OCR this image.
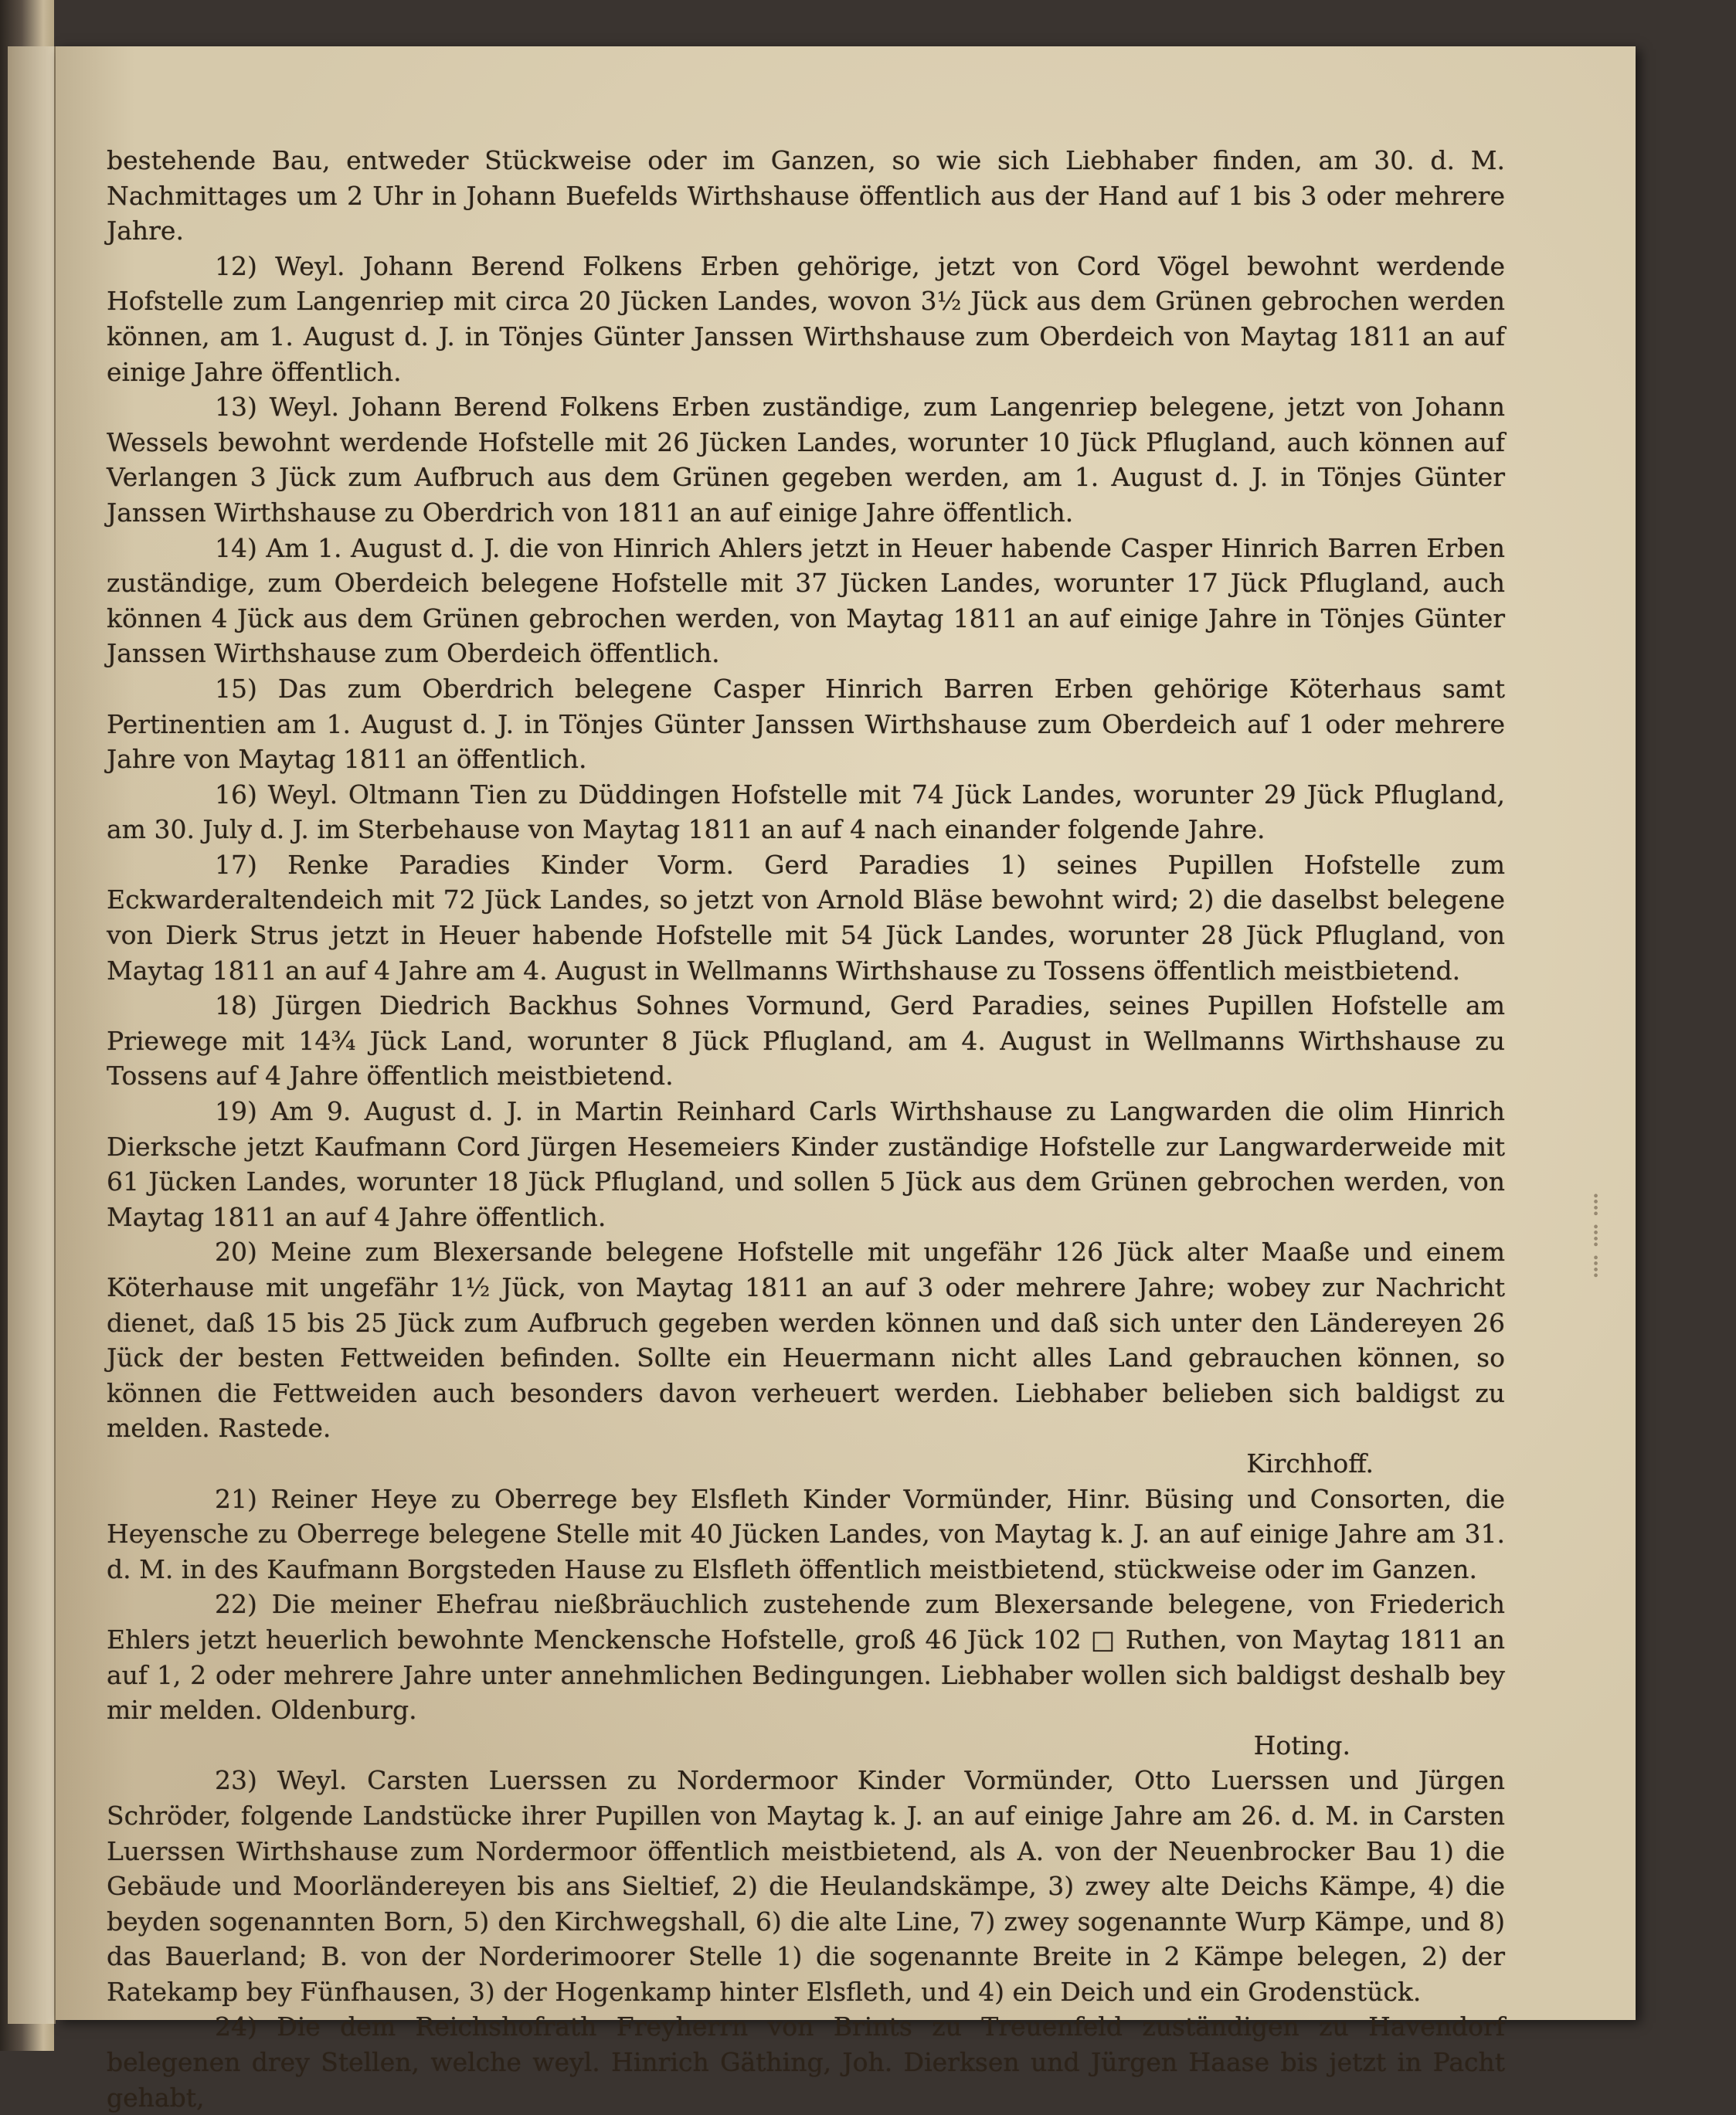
bestehende Bau, entweder Stückweise oder im Ganzen, so wie sich Liebhaber finden, am 30. d. M. Nachmittages um 2 Uhr in Johann Buefelds Wirthshause öffentlich aus der Hand auf 1 bis 3 oder mehrere Jahre.

12) Weyl. Johann Berend Folkens Erben gehörige, jetzt von Cord Vögel bewohnt werdende Hofstelle zum Langenriep mit circa 20 Jücken Landes, wovon 3½ Jück aus dem Grünen gebrochen werden können, am 1. August d. J. in Tönjes Günter Janssen Wirthshause zum Oberdeich von Maytag 1811 an auf einige Jahre öffentlich.

13) Weyl. Johann Berend Folkens Erben zuständige, zum Langenriep belegene, jetzt von Johann Wessels bewohnt werdende Hofstelle mit 26 Jücken Landes, worunter 10 Jück Pflugland, auch können auf Verlangen 3 Jück zum Aufbruch aus dem Grünen gegeben werden, am 1. August d. J. in Tönjes Günter Janssen Wirthshause zu Oberdrich von 1811 an auf einige Jahre öffentlich.

14) Am 1. August d. J. die von Hinrich Ahlers jetzt in Heuer habende Casper Hinrich Barren Erben zuständige, zum Oberdeich belegene Hofstelle mit 37 Jücken Landes, worunter 17 Jück Pflugland, auch können 4 Jück aus dem Grünen gebrochen werden, von Maytag 1811 an auf einige Jahre in Tönjes Günter Janssen Wirthshause zum Oberdeich öffentlich.

15) Das zum Oberdrich belegene Casper Hinrich Barren Erben gehörige Köterhaus samt Pertinentien am 1. August d. J. in Tönjes Günter Janssen Wirthshause zum Oberdeich auf 1 oder mehrere Jahre von Maytag 1811 an öffentlich.

16) Weyl. Oltmann Tien zu Düddingen Hofstelle mit 74 Jück Landes, worunter 29 Jück Pflugland, am 30. July d. J. im Sterbehause von Maytag 1811 an auf 4 nach einander folgende Jahre.

17) Renke Paradies Kinder Vorm. Gerd Paradies 1) seines Pupillen Hofstelle zum Eckwarderaltendeich mit 72 Jück Landes, so jetzt von Arnold Bläse bewohnt wird; 2) die daselbst belegene von Dierk Strus jetzt in Heuer habende Hofstelle mit 54 Jück Landes, worunter 28 Jück Pflugland, von Maytag 1811 an auf 4 Jahre am 4. August in Wellmanns Wirthshause zu Tossens öffentlich meistbietend.

18) Jürgen Diedrich Backhus Sohnes Vormund, Gerd Paradies, seines Pupillen Hofstelle am Priewege mit 14¾ Jück Land, worunter 8 Jück Pflugland, am 4. August in Wellmanns Wirthshause zu Tossens auf 4 Jahre öffentlich meistbietend.

19) Am 9. August d. J. in Martin Reinhard Carls Wirthshause zu Langwarden die olim Hinrich Dierksche jetzt Kaufmann Cord Jürgen Hesemeiers Kinder zuständige Hofstelle zur Langwarderweide mit 61 Jücken Landes, worunter 18 Jück Pflugland, und sollen 5 Jück aus dem Grünen gebrochen werden, von Maytag 1811 an auf 4 Jahre öffentlich.

20) Meine zum Blexersande belegene Hofstelle mit ungefähr 126 Jück alter Maaße und einem Köterhause mit ungefähr 1½ Jück, von Maytag 1811 an auf 3 oder mehrere Jahre; wobey zur Nachricht dienet, daß 15 bis 25 Jück zum Aufbruch gegeben werden können und daß sich unter den Ländereyen 26 Jück der besten Fettweiden befinden. Sollte ein Heuermann nicht alles Land gebrauchen können, so können die Fettweiden auch besonders davon verheuert werden. Liebhaber belieben sich baldigst zu melden. Rastede.

Kirchhoff.

21) Reiner Heye zu Oberrege bey Elsfleth Kinder Vormünder, Hinr. Büsing und Consorten, die Heyensche zu Oberrege belegene Stelle mit 40 Jücken Landes, von Maytag k. J. an auf einige Jahre am 31. d. M. in des Kaufmann Borgsteden Hause zu Elsfleth öffentlich meistbietend, stückweise oder im Ganzen.

22) Die meiner Ehefrau nießbräuchlich zustehende zum Blexersande belegene, von Friederich Ehlers jetzt heuerlich bewohnte Menckensche Hofstelle, groß 46 Jück 102 □ Ruthen, von Maytag 1811 an auf 1, 2 oder mehrere Jahre unter annehmlichen Bedingungen. Liebhaber wollen sich baldigst deshalb bey mir melden. Oldenburg.

Hoting.

23) Weyl. Carsten Luerssen zu Nordermoor Kinder Vormünder, Otto Luerssen und Jürgen Schröder, folgende Landstücke ihrer Pupillen von Maytag k. J. an auf einige Jahre am 26. d. M. in Carsten Luerssen Wirthshause zum Nordermoor öffentlich meistbietend, als A. von der Neuenbrocker Bau 1) die Gebäude und Moorländereyen bis ans Sieltief, 2) die Heulandskämpe, 3) zwey alte Deichs Kämpe, 4) die beyden sogenannten Born, 5) den Kirchwegshall, 6) die alte Line, 7) zwey sogenannte Wurp Kämpe, und 8) das Bauerland; B. von der Norderimoorer Stelle 1) die sogenannte Breite in 2 Kämpe belegen, 2) der Ratekamp bey Fünfhausen, 3) der Hogenkamp hinter Elsfleth, und 4) ein Deich und ein Grodenstück.

24) Die dem Reichshofrath Freyherrn von Brints zu Treuenfeld zuständigen zu Havendorf belegenen drey Stellen, welche weyl. Hinrich Gäthing, Joh. Dierksen und Jürgen Haase bis jetzt in Pacht gehabt,

⁞
⁞
⁞
